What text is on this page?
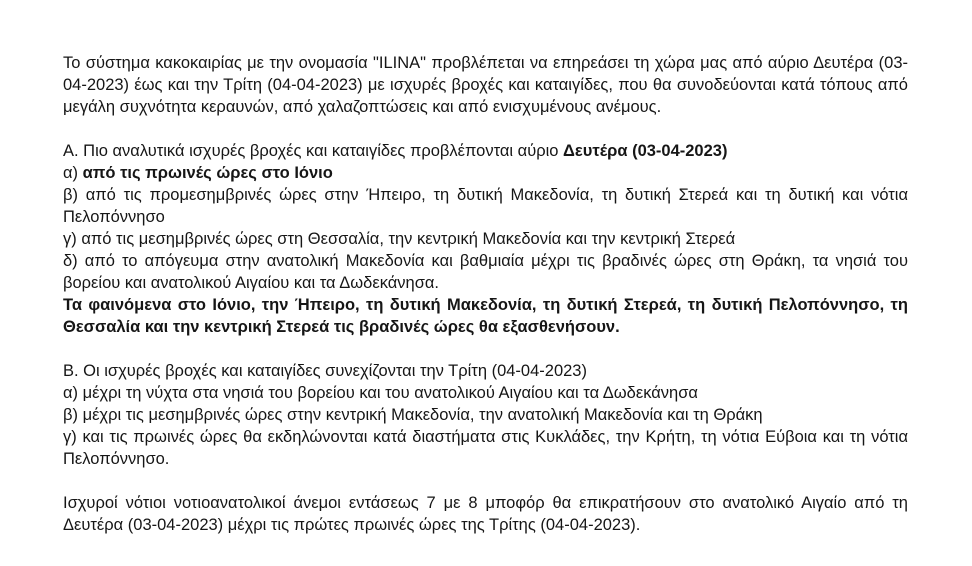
Το σύστημα κακοκαιρίας με την ονομασία "ILINA" προβλέπεται να επηρεάσει τη χώρα μας από αύριο Δευτέρα (03-04-2023) έως και την Τρίτη (04-04-2023) με ισχυρές βροχές και καταιγίδες, που θα συνοδεύονται κατά τόπους από μεγάλη συχνότητα κεραυνών, από χαλαζοπτώσεις και από ενισχυμένους ανέμους.

Α. Πιο αναλυτικά ισχυρές βροχές και καταιγίδες προβλέπονται αύριο Δευτέρα (03-04-2023)

α) από τις πρωινές ώρες στο Ιόνιο

β) από τις προμεσημβρινές ώρες στην Ήπειρο, τη δυτική Μακεδονία, τη δυτική Στερεά και τη δυτική και νότια Πελοπόννησο

γ) από τις μεσημβρινές ώρες στη Θεσσαλία, την κεντρική Μακεδονία και την κεντρική Στερεά

δ) από το απόγευμα στην ανατολική Μακεδονία και βαθμιαία μέχρι τις βραδινές ώρες στη Θράκη, τα νησιά του βορείου και ανατολικού Αιγαίου και τα Δωδεκάνησα.

Τα φαινόμενα στο Ιόνιο, την Ήπειρο, τη δυτική Μακεδονία, τη δυτική Στερεά, τη δυτική Πελοπόννησο, τη Θεσσαλία και την κεντρική Στερεά τις βραδινές ώρες θα εξασθενήσουν.

Β. Οι ισχυρές βροχές και καταιγίδες συνεχίζονται την Τρίτη (04-04-2023)

α) μέχρι τη νύχτα στα νησιά του βορείου και του ανατολικού Αιγαίου και τα Δωδεκάνησα

β) μέχρι τις μεσημβρινές ώρες στην κεντρική Μακεδονία, την ανατολική Μακεδονία και τη Θράκη

γ) και τις πρωινές ώρες θα εκδηλώνονται κατά διαστήματα στις Κυκλάδες, την Κρήτη, τη νότια Εύβοια και τη νότια Πελοπόννησο.

Ισχυροί νότιοι νοτιοανατολικοί άνεμοι εντάσεως 7 με 8 μποφόρ θα επικρατήσουν στο ανατολικό Αιγαίο από τη Δευτέρα (03-04-2023) μέχρι τις πρώτες πρωινές ώρες της Τρίτης (04-04-2023).
